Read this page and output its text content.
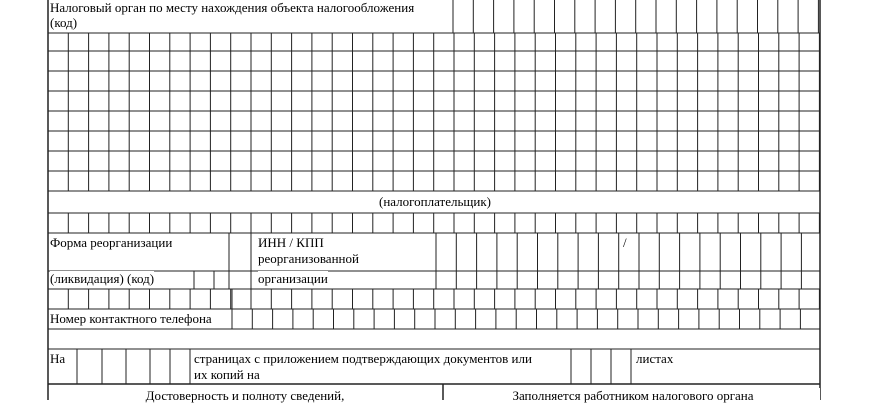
Налоговый орган по месту нахождения объекта налогообложения
(код)
(налогоплательщик)
Форма реорганизации
(ликвидация) (код)
ИНН / КПП
реорганизованной
организации
/
Номер контактного телефона
На	страницах с приложением подтверждающих документов или
их копий на
листах
Достоверность и полноту сведений,	Заполняется работником налогового органа
